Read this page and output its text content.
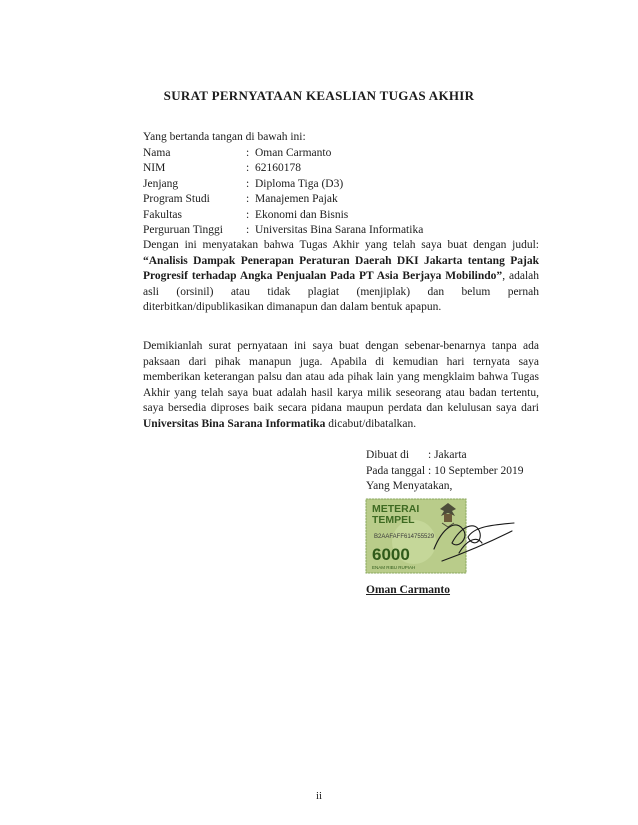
SURAT PERNYATAAN KEASLIAN TUGAS AKHIR
Yang bertanda tangan di bawah ini:
Nama	: Oman Carmanto
NIM	: 62160178
Jenjang	: Diploma Tiga (D3)
Program Studi	: Manajemen Pajak
Fakultas	: Ekonomi dan Bisnis
Perguruan Tinggi	: Universitas Bina Sarana Informatika
Dengan ini menyatakan bahwa Tugas Akhir yang telah saya buat dengan judul: “Analisis Dampak Penerapan Peraturan Daerah DKI Jakarta tentang Pajak Progresif terhadap Angka Penjualan Pada PT Asia Berjaya Mobilindo”, adalah asli (orsinil) atau tidak plagiat (menjiplak) dan belum pernah diterbitkan/dipublikasikan dimanapun dan dalam bentuk apapun.
Demikianlah surat pernyataan ini saya buat dengan sebenar-benarnya tanpa ada paksaan dari pihak manapun juga. Apabila di kemudian hari ternyata saya memberikan keterangan palsu dan atau ada pihak lain yang mengklaim bahwa Tugas Akhir yang telah saya buat adalah hasil karya milik seseorang atau badan tertentu, saya bersedia diproses baik secara pidana maupun perdata dan kelulusan saya dari Universitas Bina Sarana Informatika dicabut/dibatalkan.
Dibuat di	: Jakarta
Pada tanggal : 10 September 2019
Yang Menyatakan,
METERAI
TEMPEL
B2AAFAFF614755529
6000
ENAM RIBU RUPIAH
Oman Carmanto
ii
